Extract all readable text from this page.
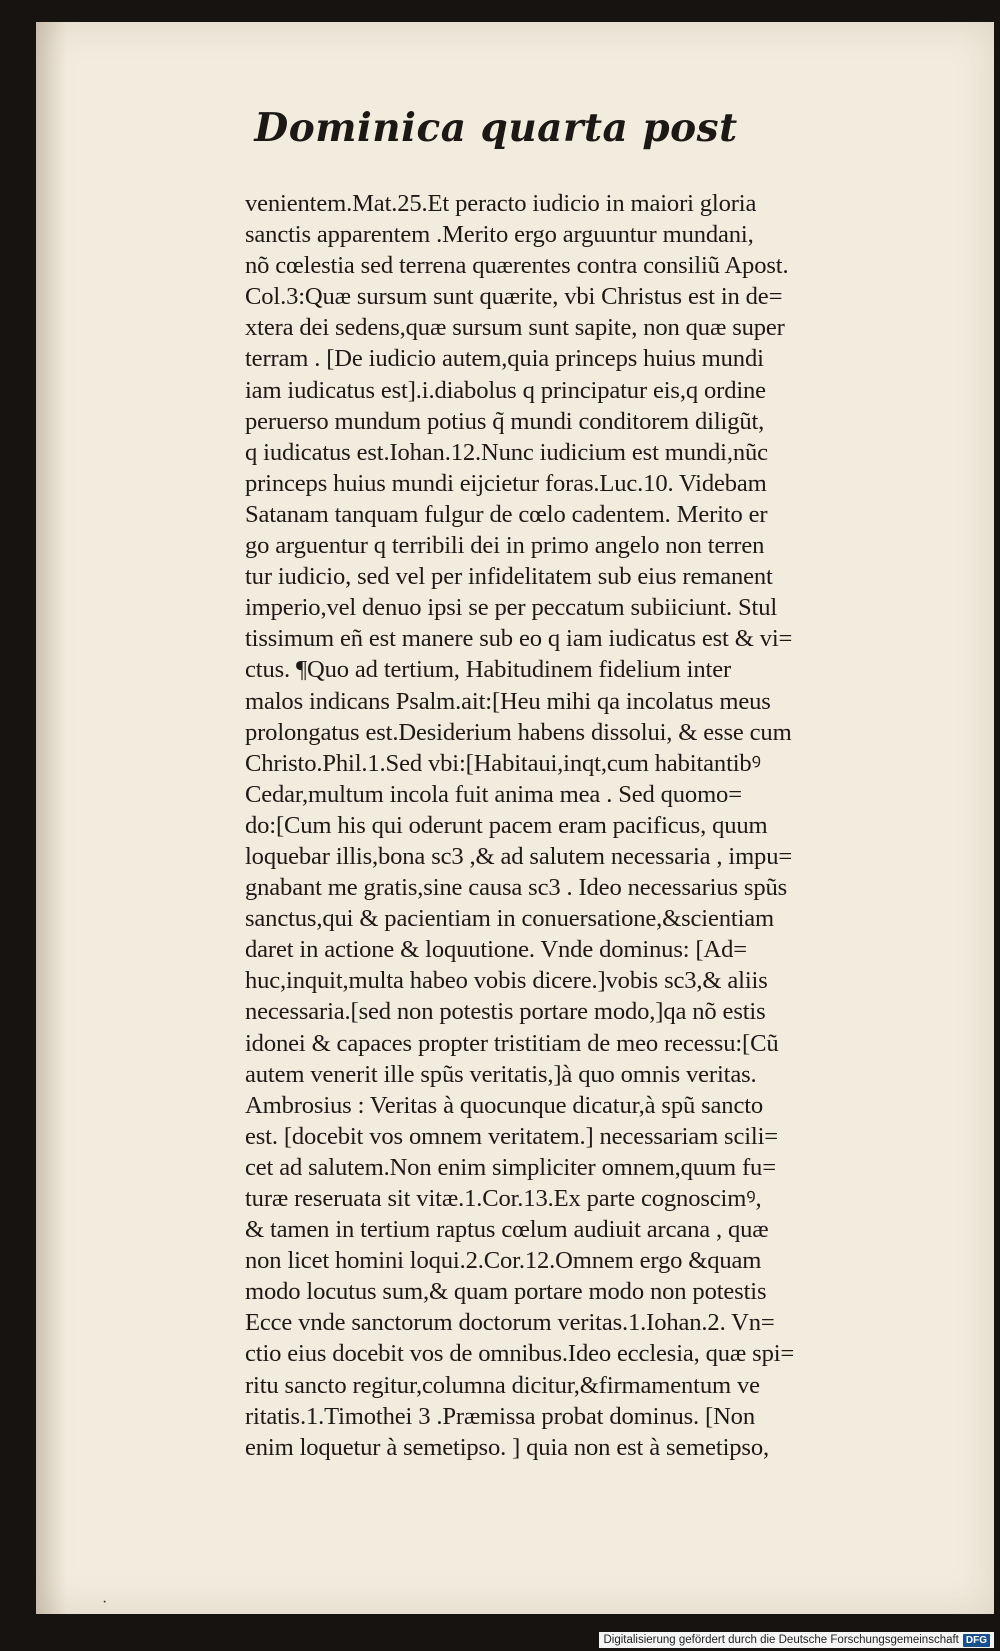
Dominica quarta post
venientem.Mat.25.Et peracto iudicio in maiori gloria
sanctis apparentem .Merito ergo arguuntur mundani,
nõ cœlestia sed terrena quærentes contra consiliũ Apost.
Col.3:Quæ sursum sunt quærite, vbi Christus est in de=
xtera dei sedens,quæ sursum sunt sapite, non quæ super
terram . [De iudicio autem,quia princeps huius mundi
iam iudicatus est].i.diabolus q principatur eis,q ordine
peruerso mundum potius q̃ mundi conditorem diligũt,
q iudicatus est.Iohan.12.Nunc iudicium est mundi,nũc
princeps huius mundi eijcietur foras.Luc.10. Videbam
Satanam tanquam fulgur de cœlo cadentem. Merito er
go arguentur q terribili dei in primo angelo non terren
tur iudicio, sed vel per infidelitatem sub eius remanent
imperio,vel denuo ipsi se per peccatum subiiciunt. Stul
tissimum eñ est manere sub eo q iam iudicatus est & vi=
ctus. ¶Quo ad tertium, Habitudinem fidelium inter
malos indicans Psalm.ait:[Heu mihi qa incolatus meus
prolongatus est.Desiderium habens dissolui, & esse cum
Christo.Phil.1.Sed vbi:[Habitaui,inqt,cum habitantibꝰ
Cedar,multum incola fuit anima mea . Sed quomo=
do:[Cum his qui oderunt pacem eram pacificus, quum
loquebar illis,bona sc3 ,& ad salutem necessaria , impu=
gnabant me gratis,sine causa sc3 . Ideo necessarius spũs
sanctus,qui & pacientiam in conuersatione,&scientiam
daret in actione & loquutione. Vnde dominus: [Ad=
huc,inquit,multa habeo vobis dicere.]vobis sc3,& aliis
necessaria.[sed non potestis portare modo,]qa nõ estis
idonei & capaces propter tristitiam de meo recessu:[Cũ
autem venerit ille spũs veritatis,]à quo omnis veritas.
Ambrosius : Veritas à quocunque dicatur,à spũ sancto
est. [docebit vos omnem veritatem.] necessariam scili=
cet ad salutem.Non enim simpliciter omnem,quum fu=
turæ reseruata sit vitæ.1.Cor.13.Ex parte cognoscimꝰ,
& tamen in tertium raptus cœlum audiuit arcana , quæ
non licet homini loqui.2.Cor.12.Omnem ergo &quam
modo locutus sum,& quam portare modo non potestis
Ecce vnde sanctorum doctorum veritas.1.Iohan.2. Vn=
ctio eius docebit vos de omnibus.Ideo ecclesia, quæ spi=
ritu sancto regitur,columna dicitur,&firmamentum ve
ritatis.1.Timothei 3 .Præmissa probat dominus. [Non
enim loquetur à semetipso. ] quia non est à semetipso,
·
Digitalisierung gefördert durch die Deutsche Forschungsgemeinschaft DFG
